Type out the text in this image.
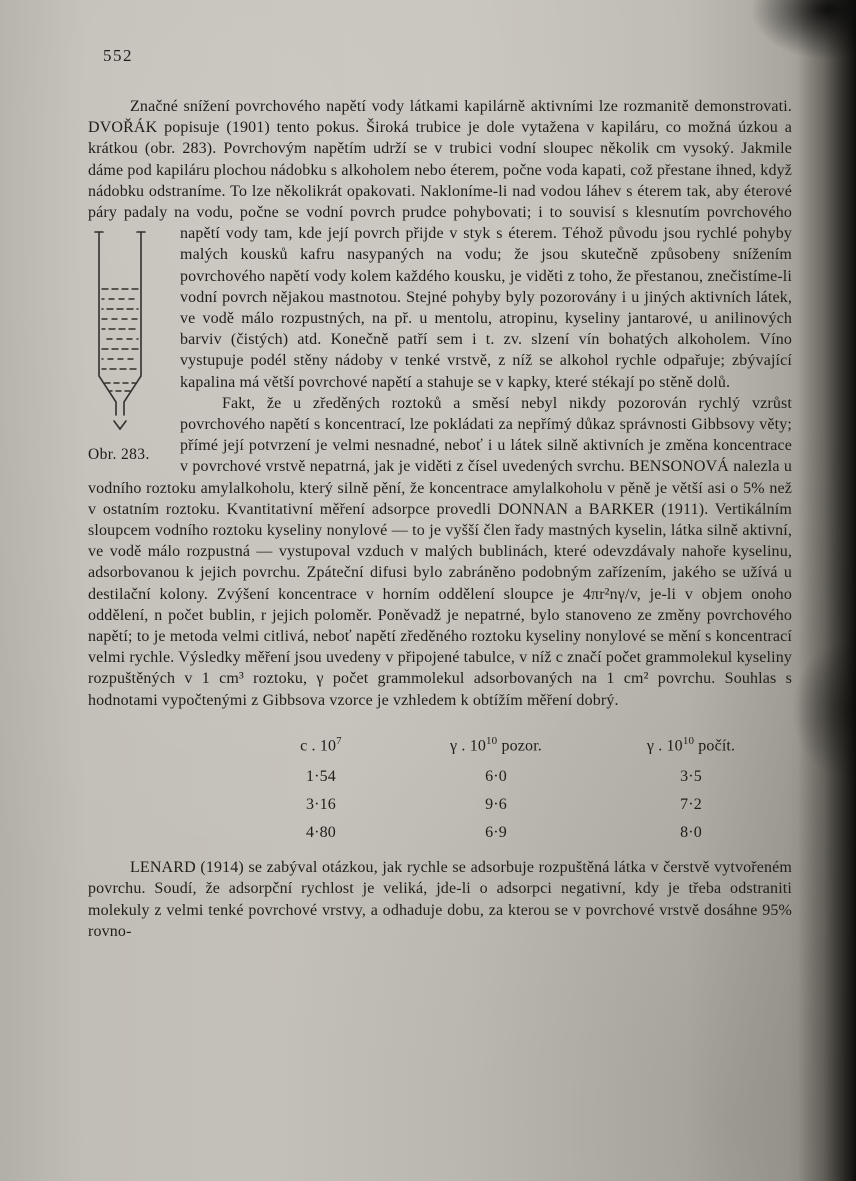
552

Značné snížení povrchového napětí vody látkami kapilárně aktivními lze rozmanitě demonstrovati. DVOŘÁK popisuje (1901) tento pokus. Široká trubice je dole vytažena v kapiláru, co možná úzkou a krátkou (obr. 283). Povrchovým napětím udrží se v trubici vodní sloupec několik cm vysoký. Jakmile dáme pod kapiláru plochou nádobku s alkoholem nebo éterem, počne voda kapati, což přestane ihned, když nádobku odstraníme. To lze několikrát opakovati. Nakloníme-li nad vodou láhev s éterem tak, aby éterové páry padaly na vodu, počne se vodní povrch prudce pohybovati; i to souvisí s klesnutím povrchového napětí vody
Obr. 283.
tam, kde její povrch přijde v styk s éterem. Téhož původu jsou rychlé pohyby malých kousků kafru nasypaných na vodu; že jsou skutečně způsobeny snížením povrchového napětí vody kolem každého kousku, je viděti z toho, že přestanou, znečistíme-li vodní povrch nějakou mastnotou. Stejné pohyby byly pozorovány i u jiných aktivních látek, ve vodě málo rozpustných, na př. u mentolu, atropinu, kyseliny jantarové, u anilinových barviv (čistých) atd. Konečně patří sem i t. zv. slzení vín bohatých alkoholem. Víno vystupuje podél stěny nádoby v tenké vrstvě, z níž se alkohol rychle odpařuje; zbývající kapalina má větší povrchové napětí a stahuje se v kapky, které stékají po stěně dolů.

Fakt, že u zředěných roztoků a směsí nebyl nikdy pozorován rychlý vzrůst povrchového napětí s koncentrací, lze pokládati za nepřímý důkaz správnosti Gibbsovy věty; přímé její potvrzení je velmi nesnadné, neboť i u látek silně aktivních je změna koncentrace v povrchové vrstvě nepatrná, jak je viděti z čísel uvedených svrchu. BENSONOVÁ nalezla u vodního roztoku amylalkoholu, který silně pění, že koncentrace amylalkoholu v pěně je větší asi o 5% než v ostatním roztoku. Kvantitativní měření adsorpce provedli DONNAN a BARKER (1911). Vertikálním sloupcem vodního roztoku kyseliny nonylové — to je vyšší člen řady mastných kyselin, látka silně aktivní, ve vodě málo rozpustná — vystupoval vzduch v malých bublinách, které odevzdávaly nahoře kyselinu, adsorbovanou k jejich povrchu. Zpáteční difusi bylo zabráněno podobným zařízením, jakého se užívá u destilační kolony. Zvýšení koncentrace v horním oddělení sloupce je 4πr²nγ/v, je-li v objem onoho oddělení, n počet bublin, r jejich poloměr. Poněvadž je nepatrné, bylo stanoveno ze změny povrchového napětí; to je metoda velmi citlivá, neboť napětí zředěného roztoku kyseliny nonylové se mění s koncentrací velmi rychle. Výsledky měření jsou uvedeny v připojené tabulce, v níž c značí počet grammolekul kyseliny rozpuštěných v 1 cm³ roztoku, γ počet grammolekul adsorbovaných na 1 cm² povrchu. Souhlas s hodnotami vypočtenými z Gibbsova vzorce je vzhledem k obtížím měření dobrý.

c . $10^7$	γ . $10^{10}$ pozor.	γ . $10^{10}$ počít.
1·54	6·0	3·5
3·16	9·6	7·2
4·80	6·9	8·0

LENARD (1914) se zabýval otázkou, jak rychle se adsorbuje rozpuštěná látka v čerstvě vytvořeném povrchu. Soudí, že adsorpční rychlost je veliká, jde-li o adsorpci negativní, kdy je třeba odstraniti molekuly z velmi tenké povrchové vrstvy, a odhaduje dobu, za kterou se v povrchové vrstvě dosáhne 95% rovno-
